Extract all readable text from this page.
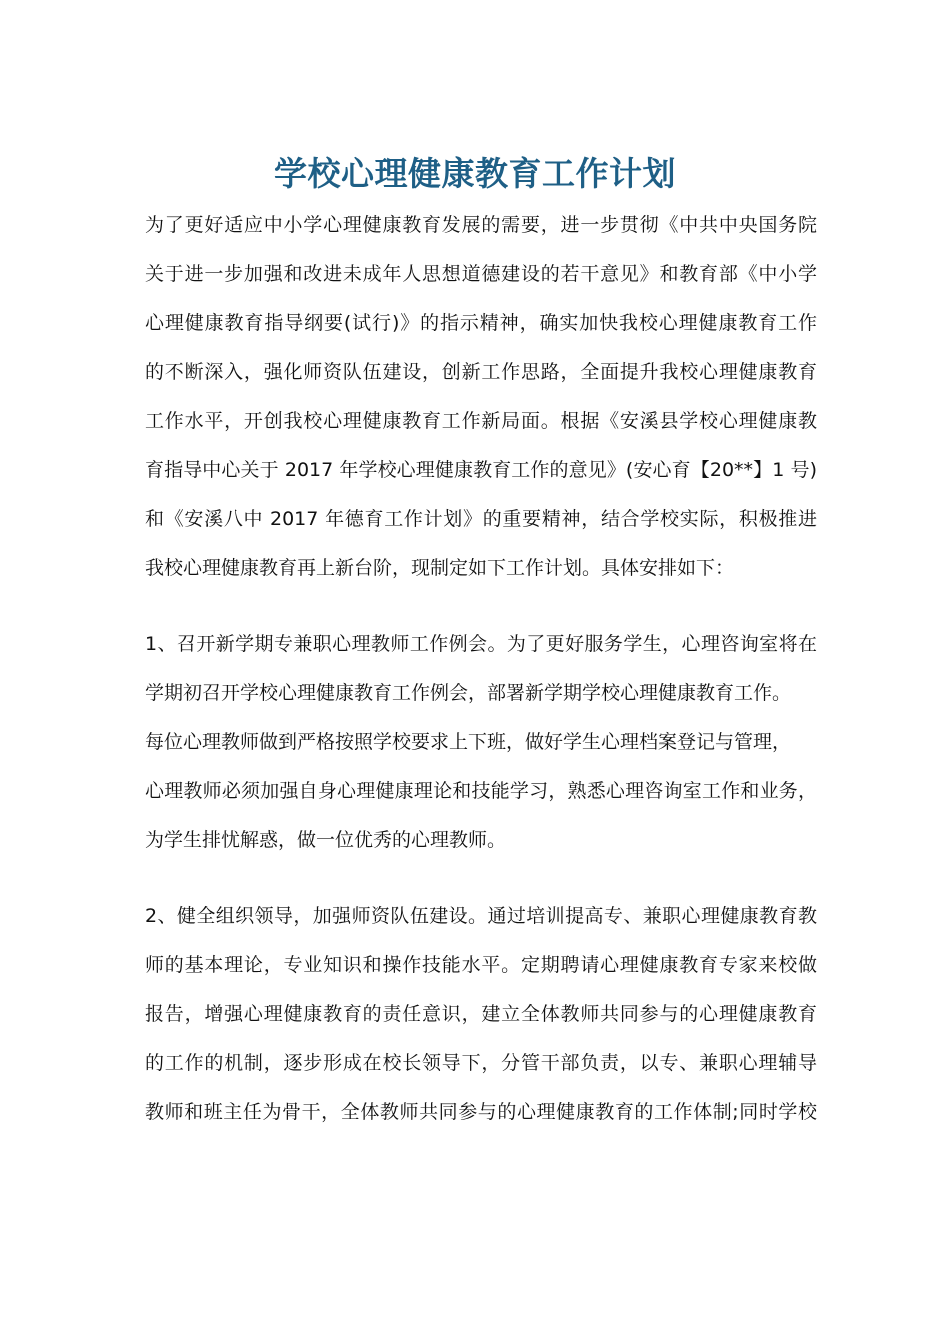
学校心理健康教育工作计划
为了更好适应中小学心理健康教育发展的需要，进一步贯彻《中共中央国务院
关于进一步加强和改进未成年人思想道德建设的若干意见》和教育部《中小学
心理健康教育指导纲要(试行)》的指示精神，确实加快我校心理健康教育工作
的不断深入，强化师资队伍建设，创新工作思路，全面提升我校心理健康教育
工作水平，开创我校心理健康教育工作新局面。根据《安溪县学校心理健康教
育指导中心关于 2017 年学校心理健康教育工作的意见》(安心育【20**】1 号)
和《安溪八中 2017 年德育工作计划》的重要精神，结合学校实际，积极推进
我校心理健康教育再上新台阶，现制定如下工作计划。具体安排如下：
1、召开新学期专兼职心理教师工作例会。为了更好服务学生，心理咨询室将在
学期初召开学校心理健康教育工作例会，部署新学期学校心理健康教育工作。
每位心理教师做到严格按照学校要求上下班，做好学生心理档案登记与管理，
心理教师必须加强自身心理健康理论和技能学习，熟悉心理咨询室工作和业务，
为学生排忧解惑，做一位优秀的心理教师。
2、健全组织领导，加强师资队伍建设。通过培训提高专、兼职心理健康教育教
师的基本理论，专业知识和操作技能水平。定期聘请心理健康教育专家来校做
报告，增强心理健康教育的责任意识，建立全体教师共同参与的心理健康教育
的工作的机制，逐步形成在校长领导下，分管干部负责，以专、兼职心理辅导
教师和班主任为骨干，全体教师共同参与的心理健康教育的工作体制;同时学校
